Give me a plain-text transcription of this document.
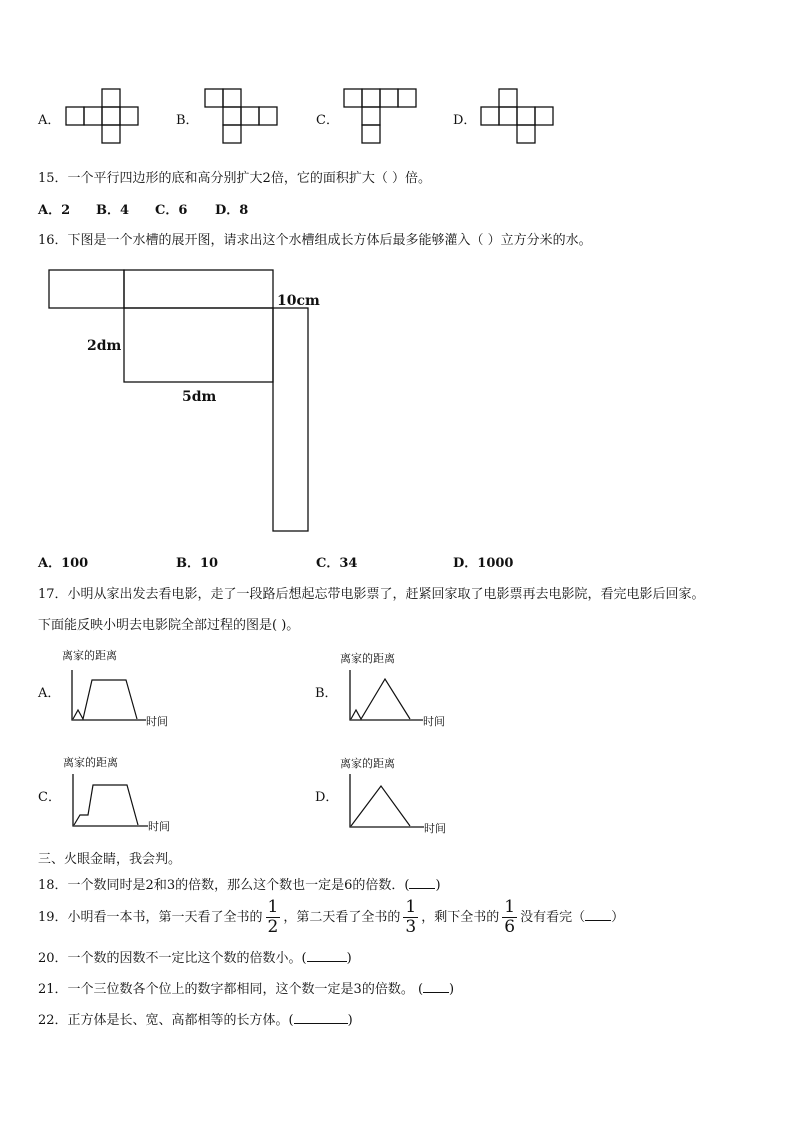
A．	B．	C．	D．
15．一个平行四边形的底和高分别扩大2倍，它的面积扩大（ ）倍。
A．2 B．4 C．6 D．8
16．下图是一个水槽的展开图，请求出这个水槽组成长方体后最多能够灌入（ ）立方分米的水。
10cm
2dm
5dm
A．100	B．10	C．34	D．1000
17．小明从家出发去看电影，走了一段路后想起忘带电影票了，赶紧回家取了电影票再去电影院，看完电影后回家。
下面能反映小明去电影院全部过程的图是( )。
A．
离家的距离
时间
B．
离家的距离
时间
C．
离家的距离
时间
D．
离家的距离
时间
三、火眼金睛，我会判。
18．一个数同时是2和3的倍数，那么这个数也一定是6的倍数．( )
19．小明看一本书，第一天看了全书的 $\frac{1}{2}$ ，第二天看了全书的 $\frac{1}{3}$ ，剩下全书的 $\frac{1}{6}$ 没有看完（ ）
20．一个数的因数不一定比这个数的倍数小。(	)
21．一个三位数各个位上的数字都相同，这个数一定是3的倍数。 ( )
22．正方体是长、宽、高都相等的长方体。(	)
